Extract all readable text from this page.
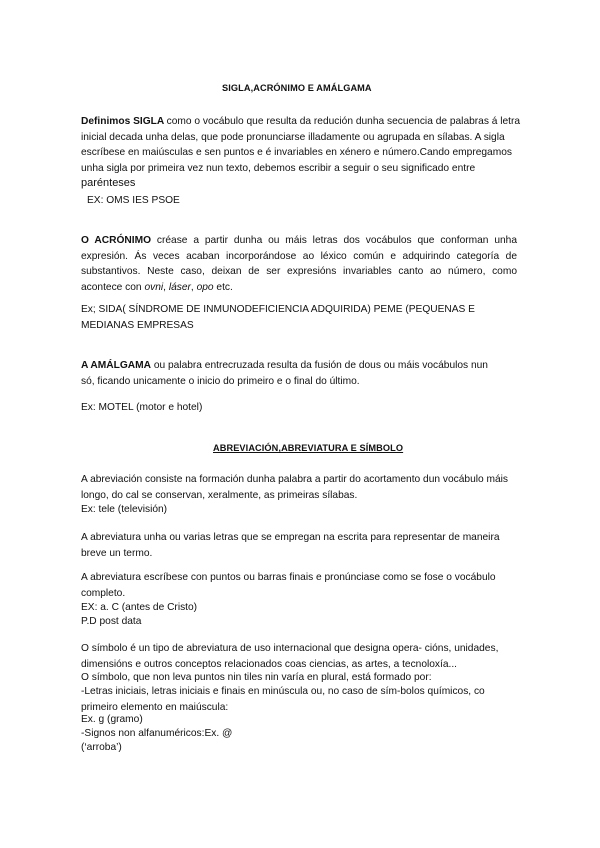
SIGLA,ACRÓNIMO E AMÁLGAMA

Definimos SIGLA como o vocábulo que resulta da redución dunha secuencia de palabras á letra inicial decada unha delas, que pode pronunciarse illadamente ou agrupada en sílabas. A sigla escríbese en maiúsculas e sen puntos e é invariables en xénero e número.Cando empregamos unha sigla por primeira vez nun texto, debemos escribir a seguir o seu significado entre parénteses

EX: OMS IES PSOE

O ACRÓNIMO créase a partir dunha ou máis letras dos vocábulos que conforman unha expresión. Ás veces acaban incorporándose ao léxico común e adquirindo categoría de substantivos. Neste caso, deixan de ser expresións invariables canto ao número, como acontece con ovni, láser, opo etc.

Ex; SIDA( SÍNDROME DE INMUNODEFICIENCIA ADQUIRIDA) PEME (PEQUENAS E MEDIANAS EMPRESAS

A AMÁLGAMA ou palabra entrecruzada resulta da fusión de dous ou máis vocábulos nun só, ficando unicamente o inicio do primeiro e o final do último.

Ex: MOTEL (motor e hotel)
ABREVIACIÓN,ABREVIATURA E SÍMBOLO
A abreviación consiste na formación dunha palabra a partir do acortamento dun vocábulo máis longo, do cal se conservan, xeralmente, as primeiras sílabas.
Ex: tele (televisión)
A abreviatura unha ou varias letras que se empregan na escrita para representar de maneira breve un termo.
A abreviatura escríbese con puntos ou barras finais e pronúnciase como se fose o vocábulo completo.
EX: a. C (antes de Cristo)
P.D post data
O símbolo é un tipo de abreviatura de uso internacional que designa opera- cións, unidades, dimensións e outros conceptos relacionados coas ciencias, as artes, a tecnoloxía...
O símbolo, que non leva puntos nin tiles nin varía en plural, está formado por:
-Letras iniciais, letras iniciais e finais en minúscula ou, no caso de sím-bolos químicos, co primeiro elemento en maiúscula:
Ex. g (gramo)
-Signos non alfanuméricos:Ex. @
(‘arroba’)
